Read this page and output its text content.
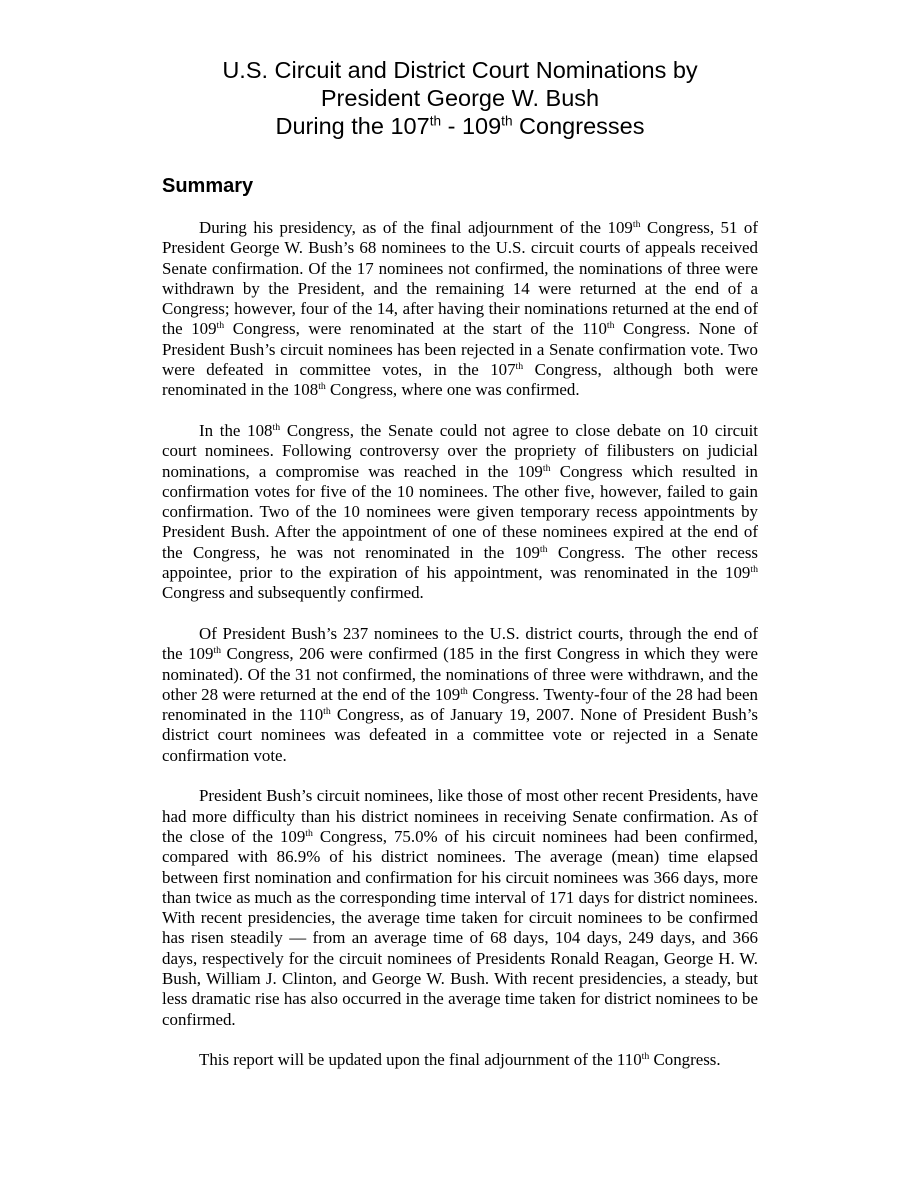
U.S. Circuit and District Court Nominations by
President George W. Bush
During the 107th - 109th Congresses
Summary

During his presidency, as of the final adjournment of the 109th Congress, 51 of President George W. Bush’s 68 nominees to the U.S. circuit courts of appeals received Senate confirmation. Of the 17 nominees not confirmed, the nominations of three were withdrawn by the President, and the remaining 14 were returned at the end of a Congress; however, four of the 14, after having their nominations returned at the end of the 109th Congress, were renominated at the start of the 110th Congress. None of President Bush’s circuit nominees has been rejected in a Senate confirmation vote. Two were defeated in committee votes, in the 107th Congress, although both were renominated in the 108th Congress, where one was confirmed.

In the 108th Congress, the Senate could not agree to close debate on 10 circuit court nominees. Following controversy over the propriety of filibusters on judicial nominations, a compromise was reached in the 109th Congress which resulted in confirmation votes for five of the 10 nominees. The other five, however, failed to gain confirmation. Two of the 10 nominees were given temporary recess appointments by President Bush. After the appointment of one of these nominees expired at the end of the Congress, he was not renominated in the 109th Congress. The other recess appointee, prior to the expiration of his appointment, was renominated in the 109th Congress and subsequently confirmed.

Of President Bush’s 237 nominees to the U.S. district courts, through the end of the 109th Congress, 206 were confirmed (185 in the first Congress in which they were nominated). Of the 31 not confirmed, the nominations of three were withdrawn, and the other 28 were returned at the end of the 109th Congress. Twenty-four of the 28 had been renominated in the 110th Congress, as of January 19, 2007. None of President Bush’s district court nominees was defeated in a committee vote or rejected in a Senate confirmation vote.

President Bush’s circuit nominees, like those of most other recent Presidents, have had more difficulty than his district nominees in receiving Senate confirmation. As of the close of the 109th Congress, 75.0% of his circuit nominees had been confirmed, compared with 86.9% of his district nominees. The average (mean) time elapsed between first nomination and confirmation for his circuit nominees was 366 days, more than twice as much as the corresponding time interval of 171 days for district nominees. With recent presidencies, the average time taken for circuit nominees to be confirmed has risen steadily — from an average time of 68 days, 104 days, 249 days, and 366 days, respectively for the circuit nominees of Presidents Ronald Reagan, George H. W. Bush, William J. Clinton, and George W. Bush. With recent presidencies, a steady, but less dramatic rise has also occurred in the average time taken for district nominees to be confirmed.

This report will be updated upon the final adjournment of the 110th Congress.
